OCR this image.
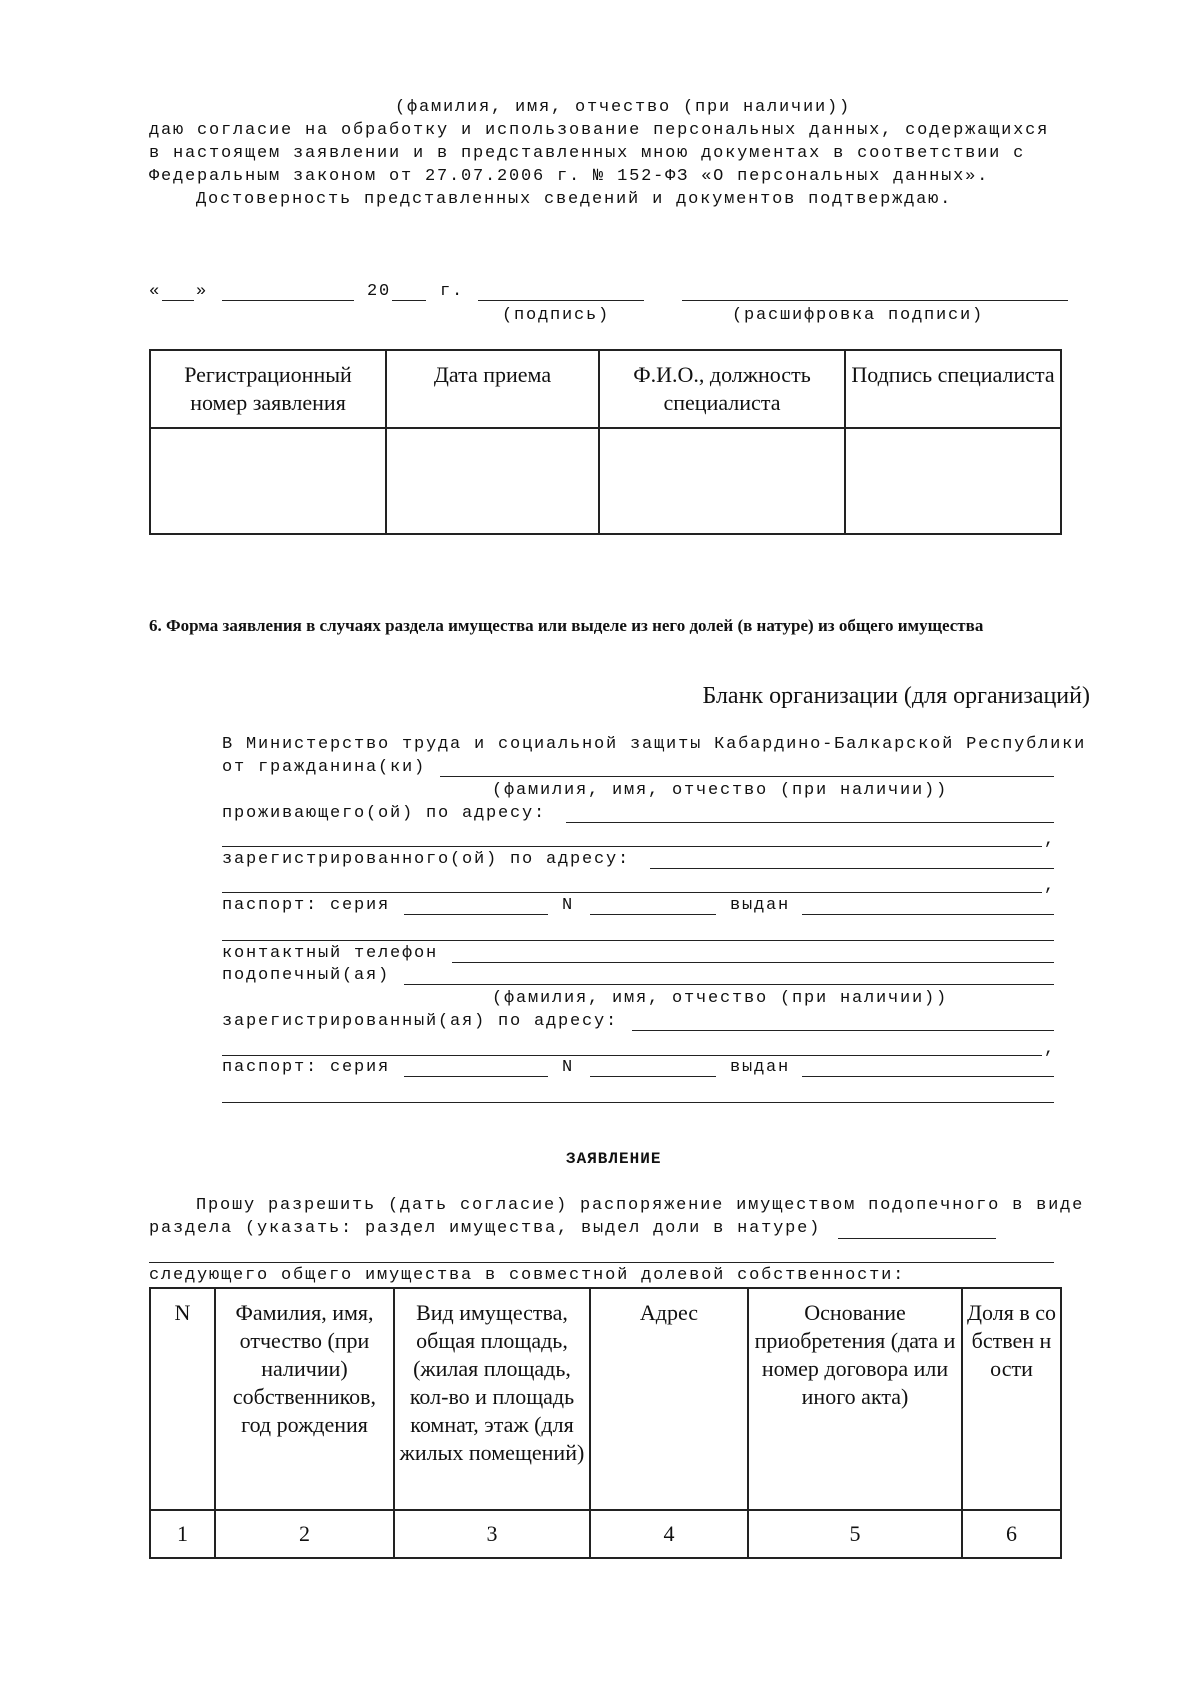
(фамилия, имя, отчество (при наличии))
даю согласие на обработку и использование персональных данных, содержащихся
в настоящем заявлении и в представленных мною документах в соответствии с
Федеральным законом от 27.07.2006 г. № 152-ФЗ «О персональных данных».
Достоверность представленных сведений и документов подтверждаю.
« »	20	г.
(подпись)	(расшифровка подписи)
Регистрационный номер заявления	Дата приема	Ф.И.О., должность специалиста	Подпись специалиста

6. Форма заявления в случаях раздела имущества или выделе из него долей (в натуре) из общего имущества
Бланк организации (для организаций)
В Министерство труда и социальной защиты Кабардино-Балкарской Республики
от гражданина(ки)
(фамилия, имя, отчество (при наличии))
проживающего(ой) по адресу:
,
зарегистрированного(ой) по адресу:
,
паспорт: серия	N	выдан
контактный телефон
подопечный(ая)
(фамилия, имя, отчество (при наличии))
зарегистрированный(ая) по адресу:
,
паспорт: серия	N	выдан
ЗАЯВЛЕНИЕ
Прошу разрешить (дать согласие) распоряжение имуществом подопечного в виде
раздела (указать: раздел имущества, выдел доли в натуре)
следующего общего имущества в совместной долевой собственности:
N	Фамилия, имя, отчество (при наличии) собственников, год рождения	Вид имущества, общая площадь, (жилая площадь, кол-во и площадь комнат, этаж (для жилых помещений)	Адрес	Основание приобретения (дата и номер договора или иного акта)	Доля в собствен ности
1	2	3	4	5	6
